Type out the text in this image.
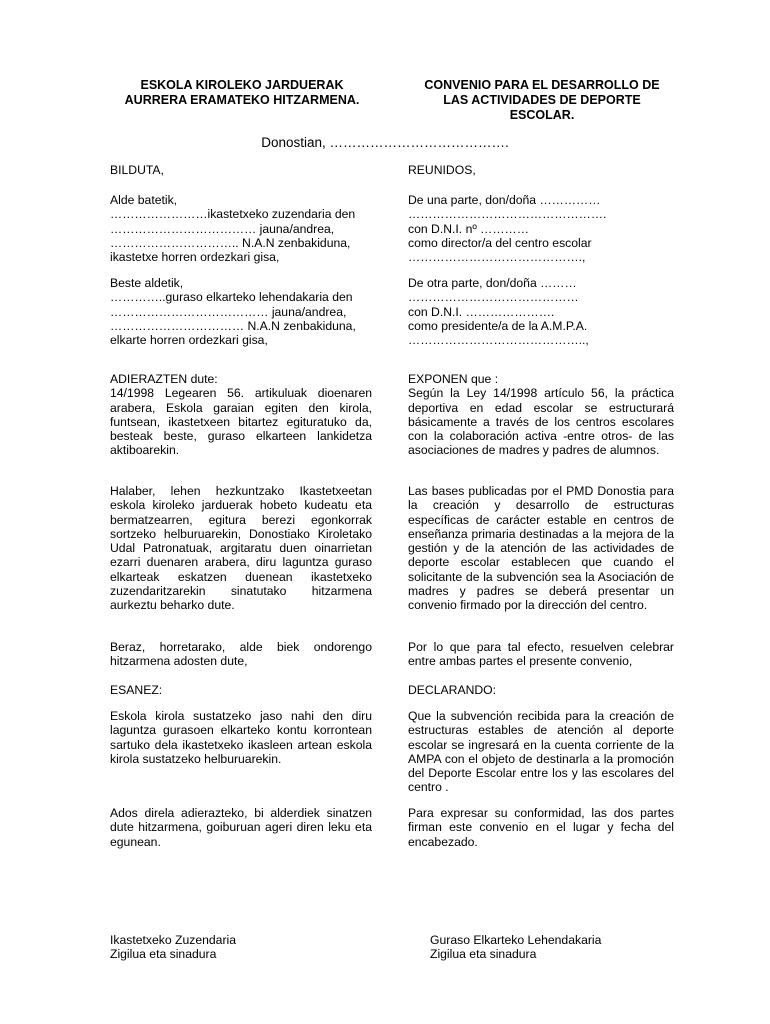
ESKOLA KIROLEKO JARDUERAK
AURRERA ERAMATEKO HITZARMENA.
CONVENIO PARA EL DESARROLLO DE
LAS ACTIVIDADES DE DEPORTE
ESCOLAR.
Donostian, ………………………………….
BILDUTA,
Alde batetik,
……………………ikastetxeko zuzendaria den
……………………………… jauna/andrea,
………………………….. N.A.N zenbakiduna,
ikastetxe horren ordezkari gisa,
Beste aldetik,
…………..guraso elkarteko lehendakaria den
………………………………… jauna/andrea,
…………………………… N.A.N zenbakiduna,
elkarte horren ordezkari gisa,
ADIERAZTEN dute:
14/1998 Legearen 56. artikuluak dioenaren arabera, Eskola garaian egiten den kirola, funtsean, ikastetxeen bitartez egituratuko da, besteak beste, guraso elkarteen lankidetza aktiboarekin.
Halaber, lehen hezkuntzako Ikastetxeetan eskola kiroleko jarduerak hobeto kudeatu eta bermatzearren, egitura berezi egonkorrak sortzeko helburuarekin, Donostiako Kiroletako Udal Patronatuak, argitaratu duen oinarrietan ezarri duenaren arabera, diru laguntza guraso elkarteak eskatzen duenean ikastetxeko zuzendaritzarekin sinatutako hitzarmena aurkeztu beharko dute.
Beraz, horretarako, alde biek ondorengo hitzarmena adosten dute,
ESANEZ:
Eskola kirola sustatzeko jaso nahi den diru laguntza gurasoen elkarteko kontu korrontean sartuko dela ikastetxeko ikasleen artean eskola kirola sustatzeko helburuarekin.
Ados direla adierazteko, bi alderdiek sinatzen dute hitzarmena, goiburuan ageri diren leku eta egunean.
REUNIDOS,
De una parte, don/doña ……………
………………………………………….
con D.N.I. nº …………
como director/a del centro escolar
…………………………………….,
De otra parte, don/doña ………
……………………………………
con D.N.I. ………………….
como presidente/a de la A.M.P.A.
……………………………………..,
EXPONEN que :
Según la Ley 14/1998 artículo 56, la práctica deportiva en edad escolar se estructurará básicamente a través de los centros escolares con la colaboración activa -entre otros- de las asociaciones de madres y padres de alumnos.
Las bases publicadas por el PMD Donostia para la creación y desarrollo de estructuras específicas de carácter estable en centros de enseñanza primaria destinadas a la mejora de la gestión y de la atención de las actividades de deporte escolar establecen que cuando el solicitante de la subvención sea la Asociación de madres y padres se deberá presentar un convenio firmado por la dirección del centro.
Por lo que para tal efecto, resuelven celebrar entre ambas partes el presente convenio,
DECLARANDO:
Que la subvención recibida para la creación de estructuras estables de atención al deporte escolar se ingresará en la cuenta corriente de la AMPA con el objeto de destinarla a la promoción del Deporte Escolar entre los y las escolares del centro .
Para expresar su conformidad, las dos partes firman este convenio en el lugar y fecha del encabezado.
Ikastetxeko Zuzendaria
Zigilua eta sinadura
Guraso Elkarteko Lehendakaria
Zigilua eta sinadura
